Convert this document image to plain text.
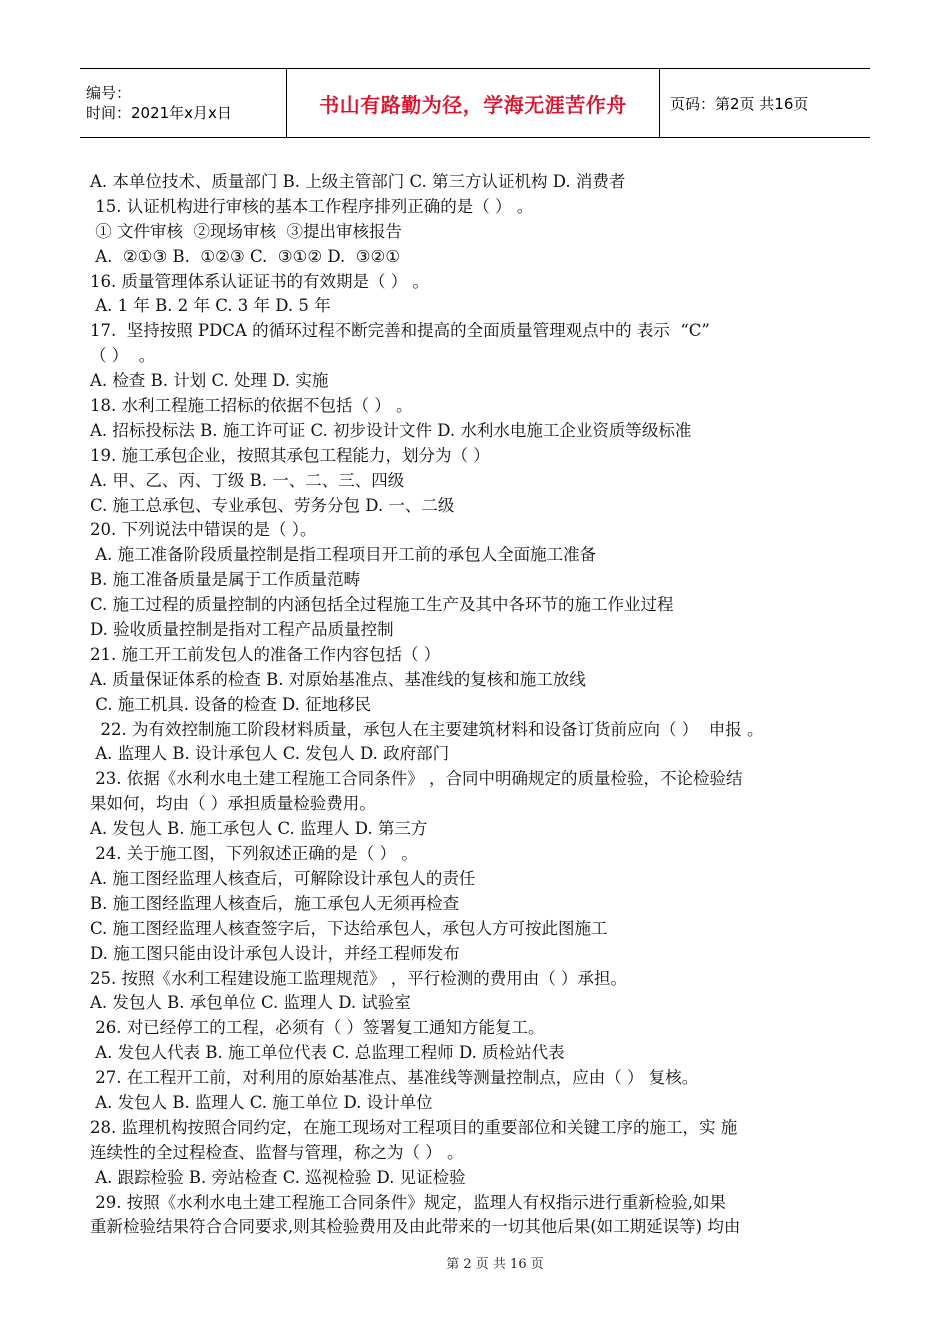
编号：
时间：2021年x月x日	书山有路勤为径，学海无涯苦作舟	页码：第2页 共16页
A. 本单位技术、质量部门 B. 上级主管部门 C. 第三方认证机构 D. 消费者
15. 认证机构进行审核的基本工作程序排列正确的是（ ） 。
① 文件审核  ②现场审核  ③提出审核报告
A.  ②①③ B.  ①②③ C.  ③①② D.  ③②①
16. 质量管理体系认证证书的有效期是（ ） 。
A. 1 年 B. 2 年 C. 3 年 D. 5 年
17.  坚持按照 PDCA 的循环过程不断完善和提高的全面质量管理观点中的 表示  “C”
（ ）  。
A. 检查 B. 计划 C. 处理 D. 实施
18. 水利工程施工招标的依据不包括（ ） 。
A. 招标投标法 B. 施工许可证 C. 初步设计文件 D. 水利水电施工企业资质等级标准
19. 施工承包企业，按照其承包工程能力，划分为（ ）
A. 甲、乙、丙、丁级 B. 一、二、三、四级
C. 施工总承包、专业承包、劳务分包 D. 一、二级
20. 下列说法中错误的是（ ）。
A. 施工准备阶段质量控制是指工程项目开工前的承包人全面施工准备
B. 施工准备质量是属于工作质量范畴
C. 施工过程的质量控制的内涵包括全过程施工生产及其中各环节的施工作业过程
D. 验收质量控制是指对工程产品质量控制
21. 施工开工前发包人的准备工作内容包括（ ）
A. 质量保证体系的检查 B. 对原始基准点、基准线的复核和施工放线
C. 施工机具. 设备的检查 D. 征地移民
22. 为有效控制施工阶段材料质量，承包人在主要建筑材料和设备订货前应向（ ）  申报 。
A. 监理人 B. 设计承包人 C. 发包人 D. 政府部门
23. 依据《水利水电土建工程施工合同条件》 ，合同中明确规定的质量检验，不论检验结
果如何，均由（ ）承担质量检验费用。
A. 发包人 B. 施工承包人 C. 监理人 D. 第三方
24. 关于施工图，下列叙述正确的是（ ） 。
A. 施工图经监理人核查后，可解除设计承包人的责任
B. 施工图经监理人核查后，施工承包人无须再检查
C. 施工图经监理人核查签字后，下达给承包人，承包人方可按此图施工
D. 施工图只能由设计承包人设计，并经工程师发布
25. 按照《水利工程建设施工监理规范》 ，平行检测的费用由（ ）承担。
A. 发包人 B. 承包单位 C. 监理人 D. 试验室
26. 对已经停工的工程，必须有（ ）签署复工通知方能复工。
A. 发包人代表 B. 施工单位代表 C. 总监理工程师 D. 质检站代表
27. 在工程开工前，对利用的原始基准点、基准线等测量控制点，应由（ ） 复核。
A. 发包人 B. 监理人 C. 施工单位 D. 设计单位
28. 监理机构按照合同约定，在施工现场对工程项目的重要部位和关键工序的施工，实 施
连续性的全过程检查、监督与管理，称之为（ ） 。
A. 跟踪检验 B. 旁站检查 C. 巡视检验 D. 见证检验
29. 按照《水利水电土建工程施工合同条件》规定，监理人有权指示进行重新检验,如果
重新检验结果符合合同要求,则其检验费用及由此带来的一切其他后果(如工期延误等) 均由
第 2 页 共 16 页
